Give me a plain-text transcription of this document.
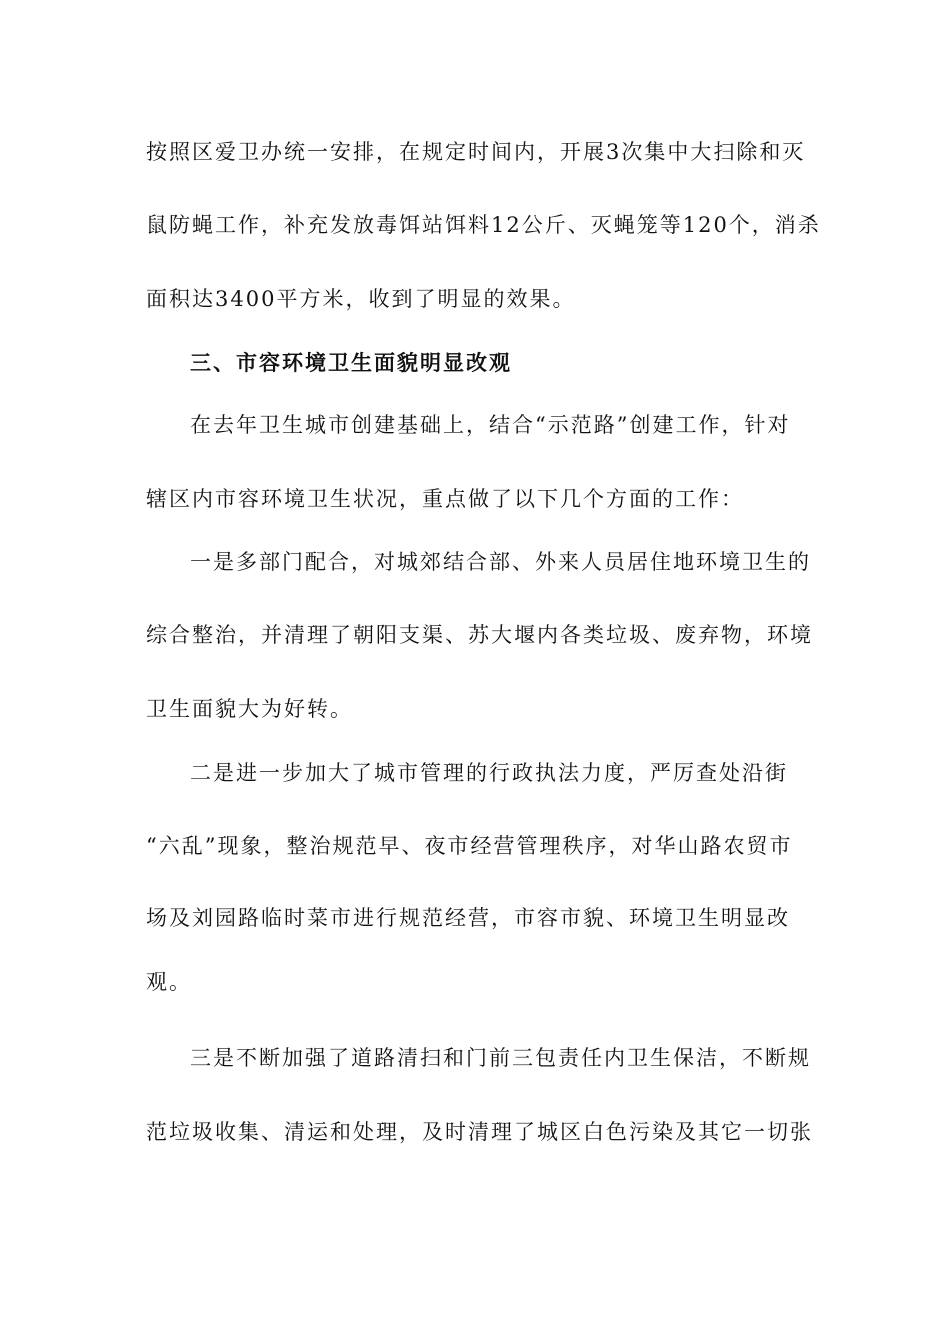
按照区爱卫办统一安排，在规定时间内，开展3次集中大扫除和灭
鼠防蝇工作，补充发放毒饵站饵料12公斤、灭蝇笼等120个，消杀
面积达3400平方米，收到了明显的效果。
三、市容环境卫生面貌明显改观
在去年卫生城市创建基础上，结合“示范路”创建工作，针对
辖区内市容环境卫生状况，重点做了以下几个方面的工作：
一是多部门配合，对城郊结合部、外来人员居住地环境卫生的
综合整治，并清理了朝阳支渠、苏大堰内各类垃圾、废弃物，环境
卫生面貌大为好转。
二是进一步加大了城市管理的行政执法力度，严厉查处沿街
“六乱”现象，整治规范早、夜市经营管理秩序，对华山路农贸市
场及刘园路临时菜市进行规范经营，市容市貌、环境卫生明显改
观。
三是不断加强了道路清扫和门前三包责任内卫生保洁，不断规
范垃圾收集、清运和处理，及时清理了城区白色污染及其它一切张
